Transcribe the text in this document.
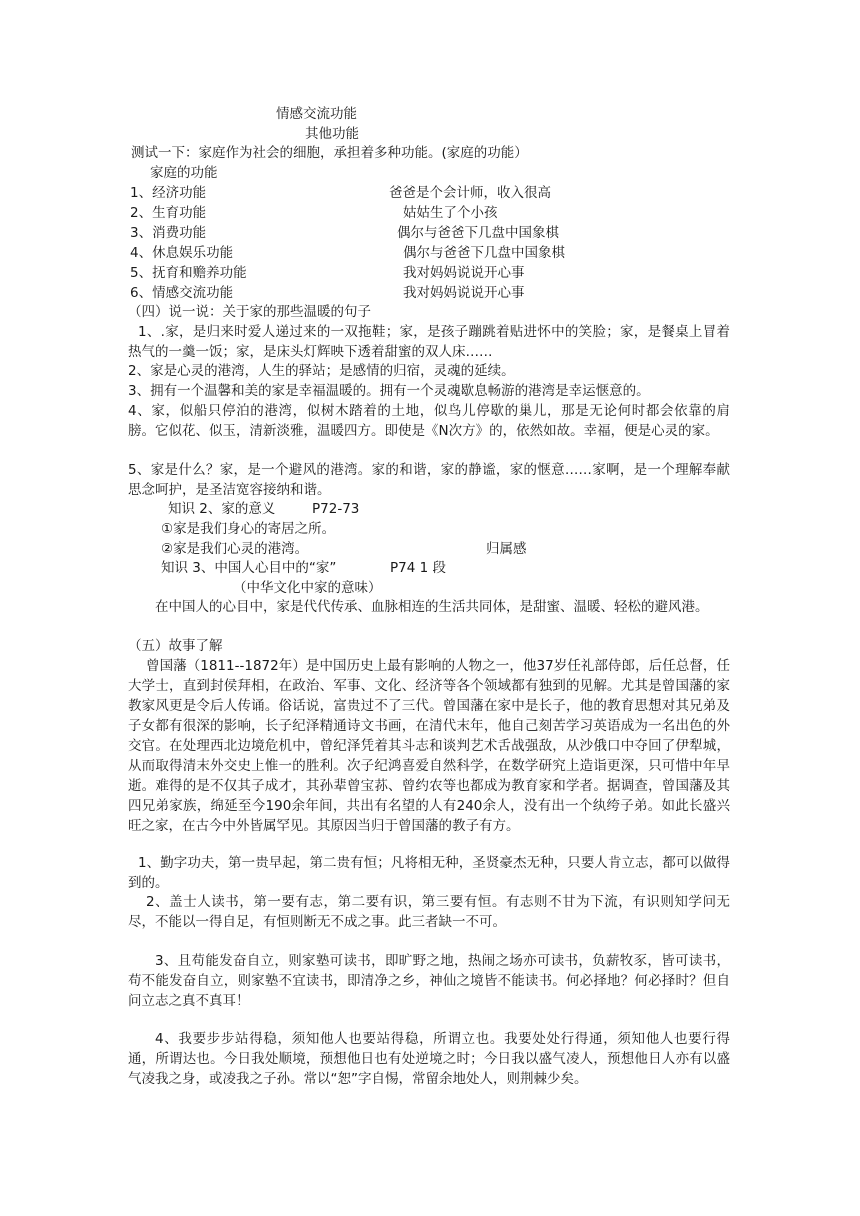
情感交流功能
其他功能
测试一下：家庭作为社会的细胞，承担着多种功能。(家庭的功能）
家庭的功能
1、经济功能	爸爸是个会计师，收入很高
2、生育功能	姑姑生了个小孩
3、消费功能	偶尔与爸爸下几盘中国象棋
4、休息娱乐功能	偶尔与爸爸下几盘中国象棋
5、抚育和赡养功能	我对妈妈说说开心事
6、情感交流功能	我对妈妈说说开心事
（四）说一说：关于家的那些温暖的句子
1、.家，是归来时爱人递过来的一双拖鞋；家，是孩子蹦跳着贴进怀中的笑脸；家，是餐桌上冒着热气的一羹一饭；家，是床头灯辉映下透着甜蜜的双人床……
2、家是心灵的港湾，人生的驿站；是感情的归宿，灵魂的延续。
3、拥有一个温馨和美的家是幸福温暖的。拥有一个灵魂歇息畅游的港湾是幸运惬意的。
4、家，似船只停泊的港湾，似树木踏着的土地，似鸟儿停歇的巢儿，那是无论何时都会依靠的肩膀。它似花、似玉，清新淡雅，温暖四方。即使是《N次方》的，依然如故。幸福，便是心灵的家。
5、家是什么？家，是一个避风的港湾。家的和谐，家的静谧，家的惬意……家啊，是一个理解奉献思念呵护，是圣洁宽容接纳和谐。
知识 2、家的意义	P72-73
①家是我们身心的寄居之所。
②家是我们心灵的港湾。	归属感
知识 3、中国人心目中的“家”	P74 1 段
（中华文化中家的意味）
在中国人的心目中，家是代代传承、血脉相连的生活共同体，是甜蜜、温暖、轻松的避风港。
（五）故事了解
曾国藩（1811--1872年）是中国历史上最有影响的人物之一，他37岁任礼部侍郎，后任总督，任大学士，直到封侯拜相，在政治、军事、文化、经济等各个领域都有独到的见解。尤其是曾国藩的家教家风更是令后人传诵。俗话说，富贵过不了三代。曾国藩在家中是长子，他的教育思想对其兄弟及子女都有很深的影响，长子纪泽精通诗文书画，在清代末年，他自己刻苦学习英语成为一名出色的外交官。在处理西北边境危机中，曾纪泽凭着其斗志和谈判艺术舌战强敌，从沙俄口中夺回了伊犁城，从而取得清末外交史上惟一的胜利。次子纪鸿喜爱自然科学，在数学研究上造诣更深，只可惜中年早逝。难得的是不仅其子成才，其孙辈曾宝荪、曾约农等也都成为教育家和学者。据调查，曾国藩及其四兄弟家族，绵延至今190余年间，共出有名望的人有240余人，没有出一个纨绔子弟。如此长盛兴旺之家，在古今中外皆属罕见。其原因当归于曾国藩的教子有方。
1、勤字功夫，第一贵早起，第二贵有恒；凡将相无种，圣贤豪杰无种，只要人肯立志，都可以做得到的。
2、盖士人读书，第一要有志，第二要有识，第三要有恒。有志则不甘为下流，有识则知学问无尽，不能以一得自足，有恒则断无不成之事。此三者缺一不可。
3、且苟能发奋自立，则家塾可读书，即旷野之地，热闹之场亦可读书，负薪牧豕，皆可读书，苟不能发奋自立，则家塾不宜读书，即清净之乡，神仙之境皆不能读书。何必择地？何必择时？但自问立志之真不真耳！
4、我要步步站得稳，须知他人也要站得稳，所谓立也。我要处处行得通，须知他人也要行得通，所谓达也。今日我处顺境，预想他日也有处逆境之时；今日我以盛气凌人，预想他日人亦有以盛气凌我之身，或凌我之子孙。常以“恕”字自惕，常留余地处人，则荆棘少矣。
